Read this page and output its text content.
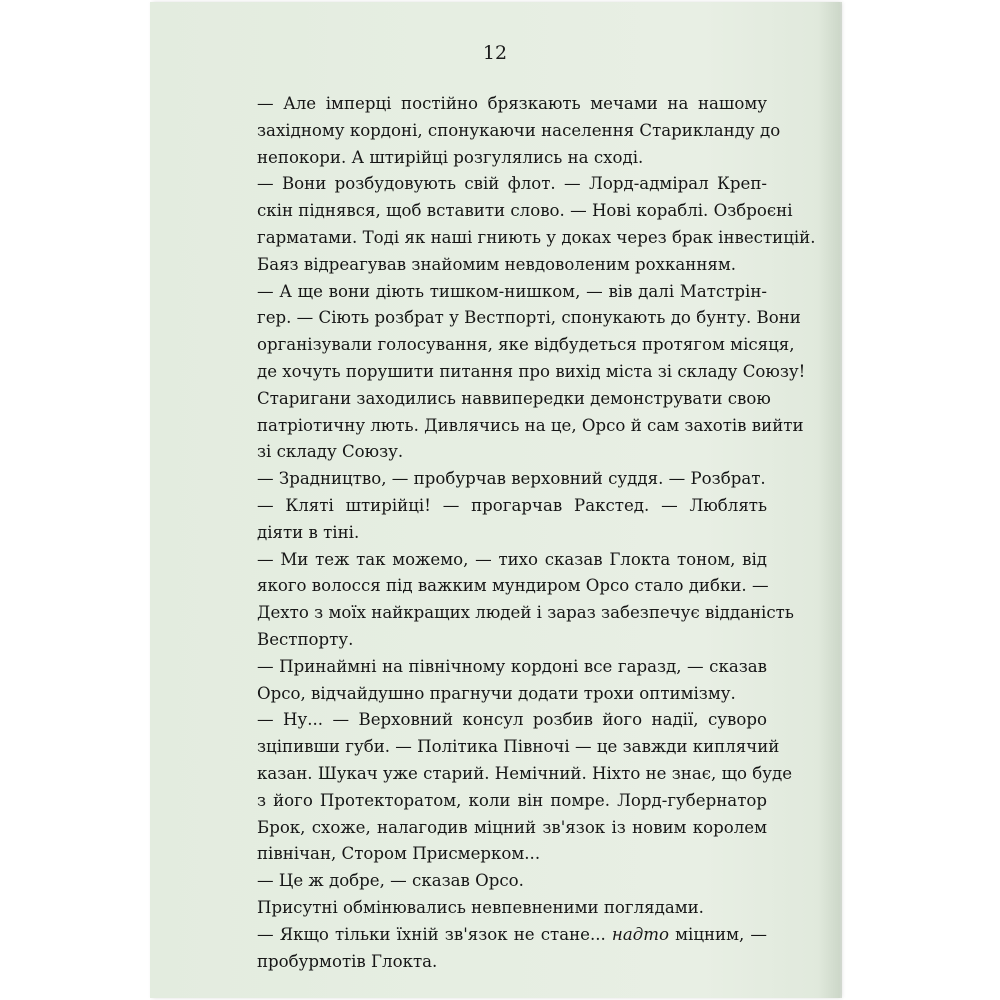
12
— Але імперці постійно брязкають мечами на нашому
західному кордоні, спонукаючи населення Старикланду до
непокори. А штирійці розгулялись на сході.
— Вони розбудовують свій флот. — Лорд-адмірал Креп-
скін піднявся, щоб вставити слово. — Нові кораблі. Озброєні
гарматами. Тоді як наші гниють у доках через брак інвестицій.
Баяз відреагував знайомим невдоволеним рохканням.
— А ще вони діють тишком-нишком, — вів далі Матстрін-
гер. — Сіють розбрат у Вестпорті, спонукають до бунту. Вони
організували голосування, яке відбудеться протягом місяця,
де хочуть порушити питання про вихід міста зі складу Союзу!
Старигани заходились наввипередки демонструвати свою
патріотичну лють. Дивлячись на це, Орсо й сам захотів вийти
зі складу Союзу.
— Зрадництво, — пробурчав верховний суддя. — Розбрат.
— Кляті штирійці! — прогарчав Ракстед. — Люблять
діяти в тіні.
— Ми теж так можемо, — тихо сказав Глокта тоном, від
якого волосся під важким мундиром Орсо стало дибки. —
Дехто з моїх найкращих людей і зараз забезпечує відданість
Вестпорту.
— Принаймні на північному кордоні все гаразд, — сказав
Орсо, відчайдушно прагнучи додати трохи оптимізму.
— Ну... — Верховний консул розбив його надії, суворо
зціпивши губи. — Політика Півночі — це завжди киплячий
казан. Шукач уже старий. Немічний. Ніхто не знає, що буде
з його Протекторатом, коли він помре. Лорд-губернатор
Брок, схоже, налагодив міцний зв'язок із новим королем
північан, Стором Присмерком...
— Це ж добре, — сказав Орсо.
Присутні обмінювались невпевненими поглядами.
— Якщо тільки їхній зв'язок не стане... надто міцним, —
пробурмотів Глокта.
